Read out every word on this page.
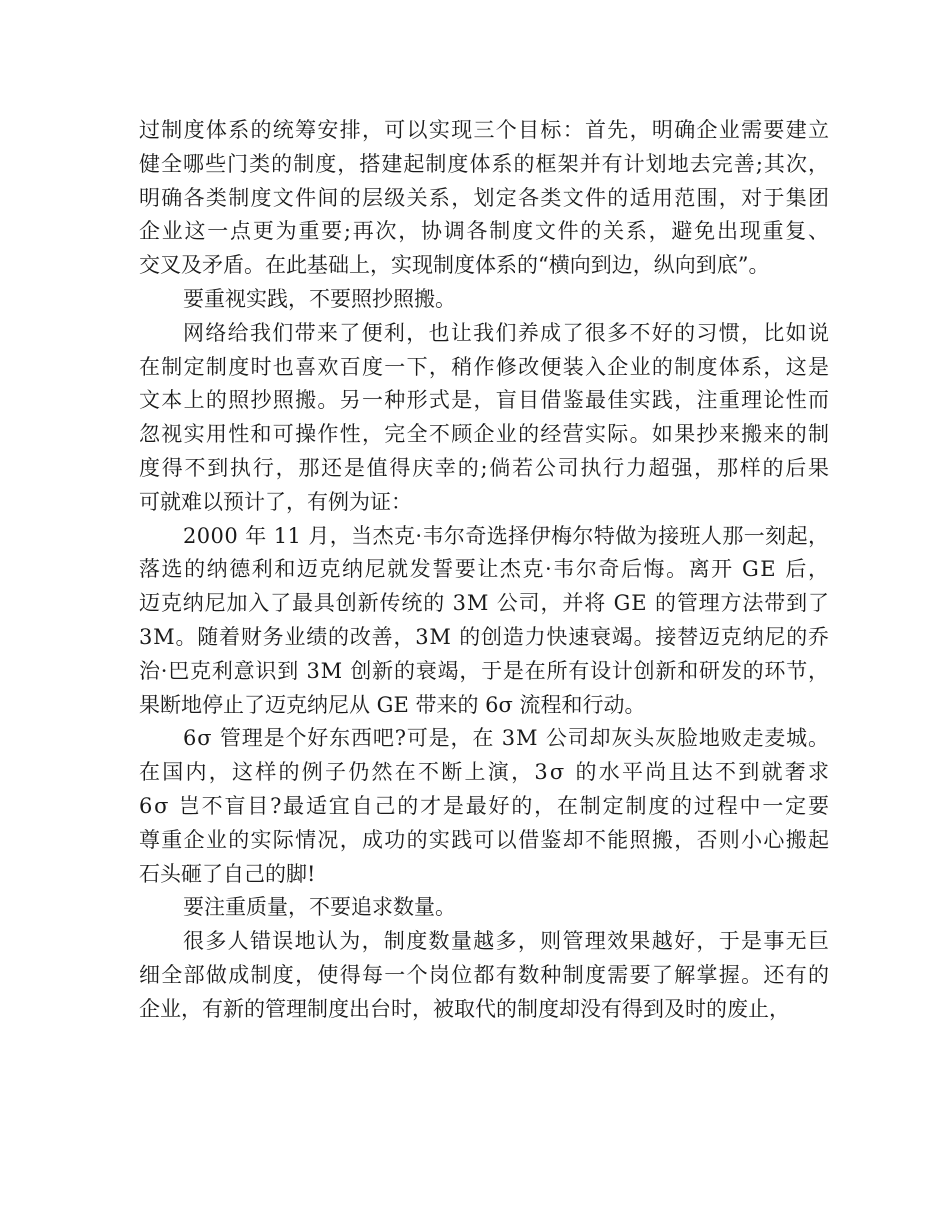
过制度体系的统筹安排，可以实现三个目标：首先，明确企业需要建立
健全哪些门类的制度，搭建起制度体系的框架并有计划地去完善;其次，
明确各类制度文件间的层级关系，划定各类文件的适用范围，对于集团
企业这一点更为重要;再次，协调各制度文件的关系，避免出现重复、
交叉及矛盾。在此基础上，实现制度体系的“横向到边，纵向到底”。
要重视实践，不要照抄照搬。
网络给我们带来了便利，也让我们养成了很多不好的习惯，比如说
在制定制度时也喜欢百度一下，稍作修改便装入企业的制度体系，这是
文本上的照抄照搬。另一种形式是，盲目借鉴最佳实践，注重理论性而
忽视实用性和可操作性，完全不顾企业的经营实际。如果抄来搬来的制
度得不到执行，那还是值得庆幸的;倘若公司执行力超强，那样的后果
可就难以预计了，有例为证：
2000 年 11 月，当杰克·韦尔奇选择伊梅尔特做为接班人那一刻起，
落选的纳德利和迈克纳尼就发誓要让杰克·韦尔奇后悔。离开 GE 后，
迈克纳尼加入了最具创新传统的 3M 公司，并将 GE 的管理方法带到了
3M。随着财务业绩的改善，3M 的创造力快速衰竭。接替迈克纳尼的乔
治·巴克利意识到 3M 创新的衰竭，于是在所有设计创新和研发的环节，
果断地停止了迈克纳尼从 GE 带来的 6σ 流程和行动。
6σ 管理是个好东西吧?可是，在 3M 公司却灰头灰脸地败走麦城。
在国内，这样的例子仍然在不断上演，3σ 的水平尚且达不到就奢求
6σ 岂不盲目?最适宜自己的才是最好的，在制定制度的过程中一定要
尊重企业的实际情况，成功的实践可以借鉴却不能照搬，否则小心搬起
石头砸了自己的脚!
要注重质量，不要追求数量。
很多人错误地认为，制度数量越多，则管理效果越好，于是事无巨
细全部做成制度，使得每一个岗位都有数种制度需要了解掌握。还有的
企业，有新的管理制度出台时，被取代的制度却没有得到及时的废止，
